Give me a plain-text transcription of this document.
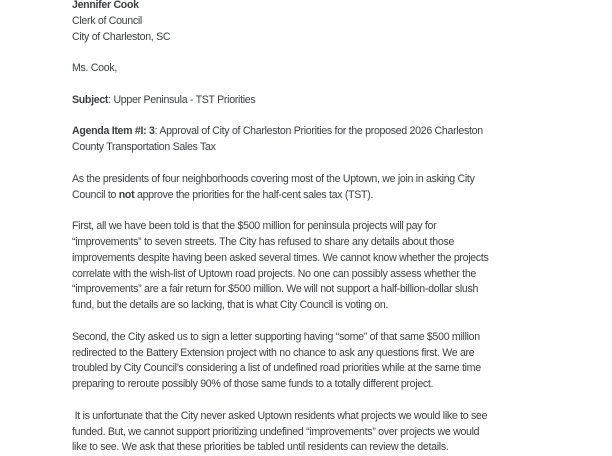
Jennifer Cook
Clerk of Council
City of Charleston, SC
Ms. Cook,
Subject: Upper Peninsula - TST Priorities
Agenda Item #I: 3: Approval of City of Charleston Priorities for the proposed 2026 Charleston
County Transportation Sales Tax
As the presidents of four neighborhoods covering most of the Uptown, we join in asking City
Council to not approve the priorities for the half-cent sales tax (TST).
First, all we have been told is that the $500 million for peninsula projects will pay for
“improvements” to seven streets. The City has refused to share any details about those
improvements despite having been asked several times. We cannot know whether the projects
correlate with the wish-list of Uptown road projects. No one can possibly assess whether the
“improvements” are a fair return for $500 million. We will not support a half-billion-dollar slush
fund, but the details are so lacking, that is what City Council is voting on.
Second, the City asked us to sign a letter supporting having “some” of that same $500 million
redirected to the Battery Extension project with no chance to ask any questions first. We are
troubled by City Council’s considering a list of undefined road priorities while at the same time
preparing to reroute possibly 90% of those same funds to a totally different project.
It is unfortunate that the City never asked Uptown residents what projects we would like to see
funded. But, we cannot support prioritizing undefined “improvements” over projects we would
like to see. We ask that these priorities be tabled until residents can review the details.
